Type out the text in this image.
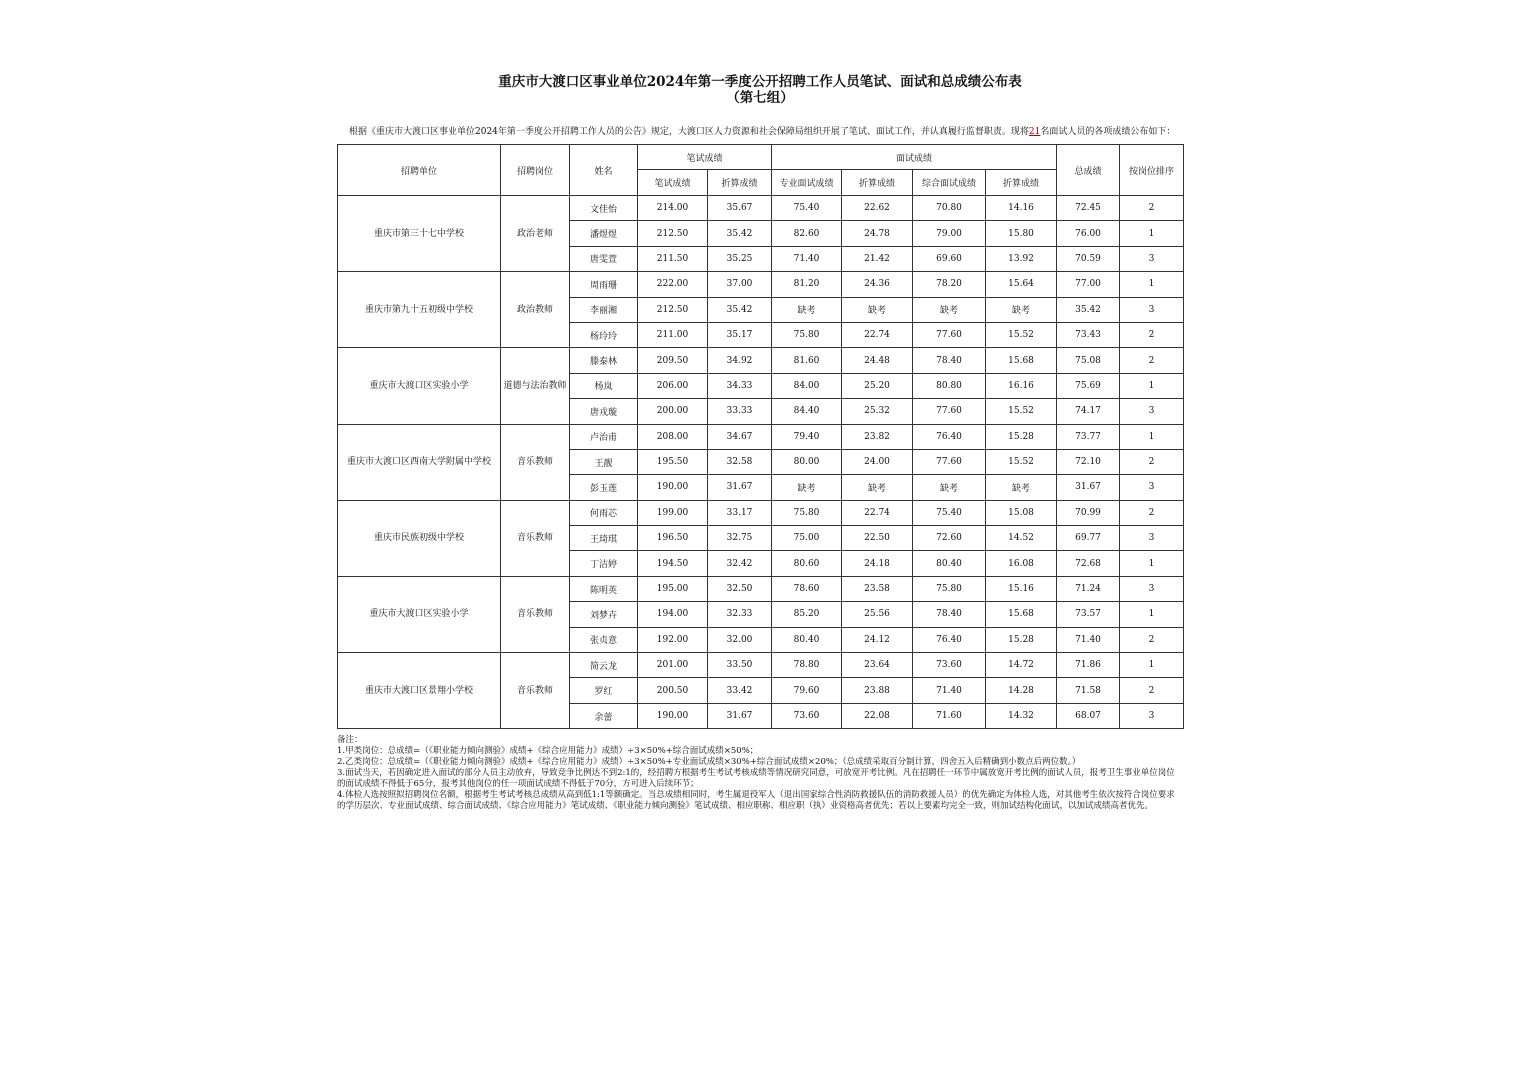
重庆市大渡口区事业单位2024年第一季度公开招聘工作人员笔试、面试和总成绩公布表

（第七组）

根据《重庆市大渡口区事业单位2024年第一季度公开招聘工作人员的公告》规定，大渡口区人力资源和社会保障局组织开展了笔试、面试工作，并认真履行监督职责。现将21名面试人员的各项成绩公布如下：

招聘单位	招聘岗位	姓名	笔试成绩		面试成绩				总成绩	按岗位排序
			笔试成绩	折算成绩	专业面试成绩	折算成绩	综合面试成绩	折算成绩		
重庆市第三十七中学校	政治老师	文佳怡	214.00	35.67	75.40	22.62	70.80	14.16	72.45	2
		潘煜煜	212.50	35.42	82.60	24.78	79.00	15.80	76.00	1
		唐雯萱	211.50	35.25	71.40	21.42	69.60	13.92	70.59	3
重庆市第九十五初级中学校	政治教师	周雨珊	222.00	37.00	81.20	24.36	78.20	15.64	77.00	1
		李丽湘	212.50	35.42	缺考	缺考	缺考	缺考	35.42	3
		杨玲玲	211.00	35.17	75.80	22.74	77.60	15.52	73.43	2
重庆市大渡口区实验小学	道德与法治教师	滕泰林	209.50	34.92	81.60	24.48	78.40	15.68	75.08	2
		杨岚	206.00	34.33	84.00	25.20	80.80	16.16	75.69	1
		唐戎璇	200.00	33.33	84.40	25.32	77.60	15.52	74.17	3
重庆市大渡口区西南大学附属中学校	音乐教师	卢治甫	208.00	34.67	79.40	23.82	76.40	15.28	73.77	1
		王靓	195.50	32.58	80.00	24.00	77.60	15.52	72.10	2
		彭玉莲	190.00	31.67	缺考	缺考	缺考	缺考	31.67	3
重庆市民族初级中学校	音乐教师	何雨芯	199.00	33.17	75.80	22.74	75.40	15.08	70.99	2
		王琦琪	196.50	32.75	75.00	22.50	72.60	14.52	69.77	3
		丁洁婷	194.50	32.42	80.60	24.18	80.40	16.08	72.68	1
重庆市大渡口区实验小学	音乐教师	陈明英	195.00	32.50	78.60	23.58	75.80	15.16	71.24	3
		刘梦卉	194.00	32.33	85.20	25.56	78.40	15.68	73.57	1
		张贞意	192.00	32.00	80.40	24.12	76.40	15.28	71.40	2
重庆市大渡口区景翔小学校	音乐教师	简云龙	201.00	33.50	78.80	23.64	73.60	14.72	71.86	1
		罗红	200.50	33.42	79.60	23.88	71.40	14.28	71.58	2
		余蕾	190.00	31.67	73.60	22.08	71.60	14.32	68.07	3

备注：

1.甲类岗位：总成绩=（《职业能力倾向测验》成绩+《综合应用能力》成绩）÷3×50%+综合面试成绩×50%；

2.乙类岗位：总成绩=（《职业能力倾向测验》成绩+《综合应用能力》成绩）÷3×50%+专业面试成绩×30%+综合面试成绩×20%；（总成绩采取百分制计算，四舍五入后精确到小数点后两位数。）

3.面试当天，若因确定进入面试的部分人员主动放弃，导致竞争比例达不到2:1的，经招聘方根据考生考试考核成绩等情况研究同意，可放宽开考比例。凡在招聘任一环节中属放宽开考比例的面试人员，报考卫生事业单位岗位的面试成绩不得低于65分，报考其他岗位的任一项面试成绩不得低于70分，方可进入后续环节；

4.体检人选按照拟招聘岗位名额，根据考生考试考核总成绩从高到低1:1等额确定。当总成绩相同时，考生属退役军人（退出国家综合性消防救援队伍的消防救援人员）的优先确定为体检人选，对其他考生依次按符合岗位要求的学历层次、专业面试成绩、综合面试成绩、《综合应用能力》笔试成绩、《职业能力倾向测验》笔试成绩、相应职称、相应职（执）业资格高者优先；若以上要素均完全一致，则加试结构化面试，以加试成绩高者优先。
